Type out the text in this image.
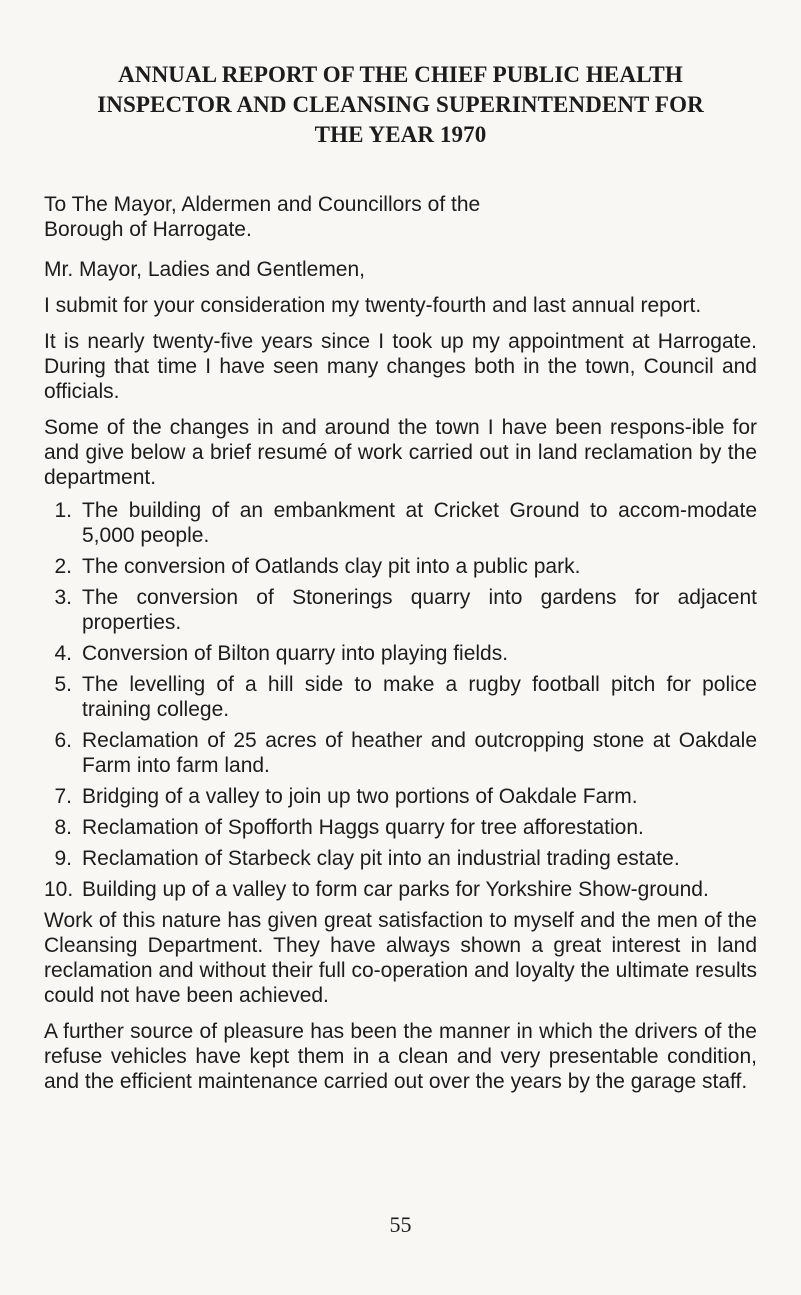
ANNUAL REPORT OF THE CHIEF PUBLIC HEALTH
INSPECTOR AND CLEANSING SUPERINTENDENT FOR
THE YEAR 1970

To The Mayor, Aldermen and Councillors of the
Borough of Harrogate.

Mr. Mayor, Ladies and Gentlemen,

I submit for your consideration my twenty-fourth and last annual report.

It is nearly twenty-five years since I took up my appointment at Harrogate. During that time I have seen many changes both in the town, Council and officials.

Some of the changes in and around the town I have been respons-ible for and give below a brief resumé of work carried out in land reclamation by the department.

1. The building of an embankment at Cricket Ground to accom-modate 5,000 people.
2. The conversion of Oatlands clay pit into a public park.
3. The conversion of Stonerings quarry into gardens for adjacent properties.
4. Conversion of Bilton quarry into playing fields.
5. The levelling of a hill side to make a rugby football pitch for police training college.
6. Reclamation of 25 acres of heather and outcropping stone at Oakdale Farm into farm land.
7. Bridging of a valley to join up two portions of Oakdale Farm.
8. Reclamation of Spofforth Haggs quarry for tree afforestation.
9. Reclamation of Starbeck clay pit into an industrial trading estate.
10. Building up of a valley to form car parks for Yorkshire Show-ground.

Work of this nature has given great satisfaction to myself and the men of the Cleansing Department. They have always shown a great interest in land reclamation and without their full co-operation and loyalty the ultimate results could not have been achieved.

A further source of pleasure has been the manner in which the drivers of the refuse vehicles have kept them in a clean and very presentable condition, and the efficient maintenance carried out over the years by the garage staff.

55
